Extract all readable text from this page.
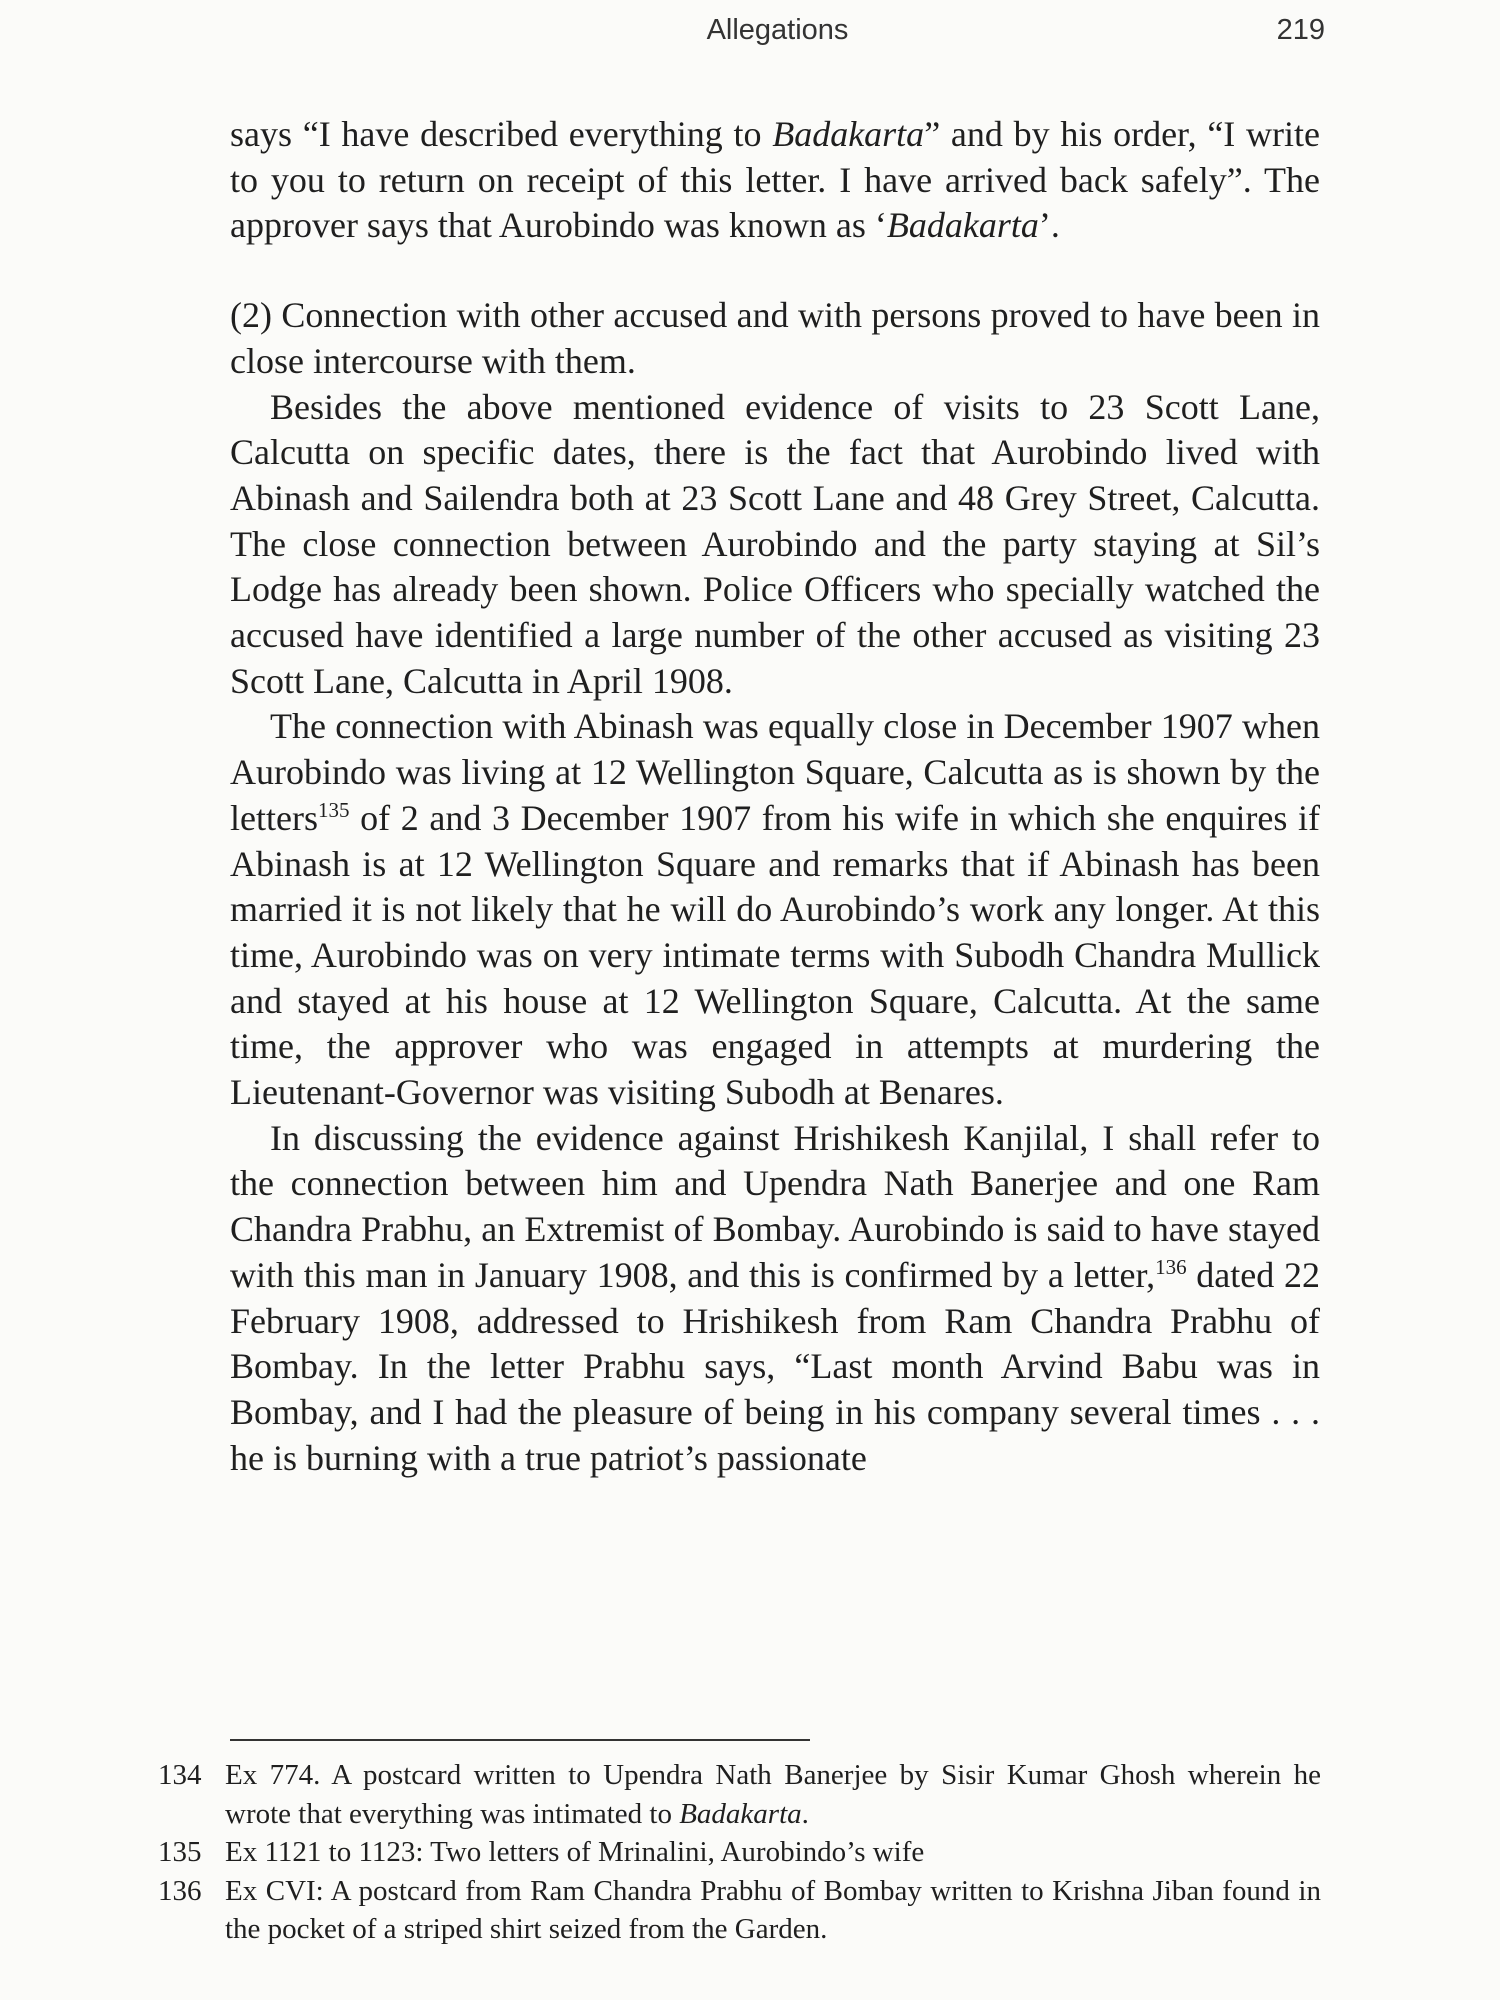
Allegations	219

says “I have described everything to Badakarta” and by his order, “I write to you to return on receipt of this letter. I have arrived back safely”. The approver says that Aurobindo was known as ‘Badakarta’.

(2) Connection with other accused and with persons proved to have been in close intercourse with them.

Besides the above mentioned evidence of visits to 23 Scott Lane, Calcutta on specific dates, there is the fact that Aurobindo lived with Abinash and Sailendra both at 23 Scott Lane and 48 Grey Street, Calcutta. The close connection between Aurobindo and the party staying at Sil’s Lodge has already been shown. Police Officers who specially watched the accused have identified a large number of the other accused as visiting 23 Scott Lane, Calcutta in April 1908.

The connection with Abinash was equally close in December 1907 when Aurobindo was living at 12 Wellington Square, Calcutta as is shown by the letters$^{135}$ of 2 and 3 December 1907 from his wife in which she enquires if Abinash is at 12 Wellington Square and remarks that if Abinash has been married it is not likely that he will do Aurobindo’s work any longer. At this time, Aurobindo was on very intimate terms with Subodh Chandra Mullick and stayed at his house at 12 Wellington Square, Calcutta. At the same time, the approver who was engaged in attempts at murdering the Lieutenant-Governor was visiting Subodh at Benares.

In discussing the evidence against Hrishikesh Kanjilal, I shall refer to the connection between him and Upendra Nath Banerjee and one Ram Chandra Prabhu, an Extremist of Bombay. Aurobindo is said to have stayed with this man in January 1908, and this is confirmed by a letter,$^{136}$ dated 22 February 1908, addressed to Hrishikesh from Ram Chandra Prabhu of Bombay. In the letter Prabhu says, “Last month Arvind Babu was in Bombay, and I had the pleasure of being in his company several times . . . he is burning with a true patriot’s passionate

134 Ex 774. A postcard written to Upendra Nath Banerjee by Sisir Kumar Ghosh wherein he wrote that everything was intimated to Badakarta.
135 Ex 1121 to 1123: Two letters of Mrinalini, Aurobindo’s wife
136 Ex CVI: A postcard from Ram Chandra Prabhu of Bombay written to Krishna Jiban found in the pocket of a striped shirt seized from the Garden.
